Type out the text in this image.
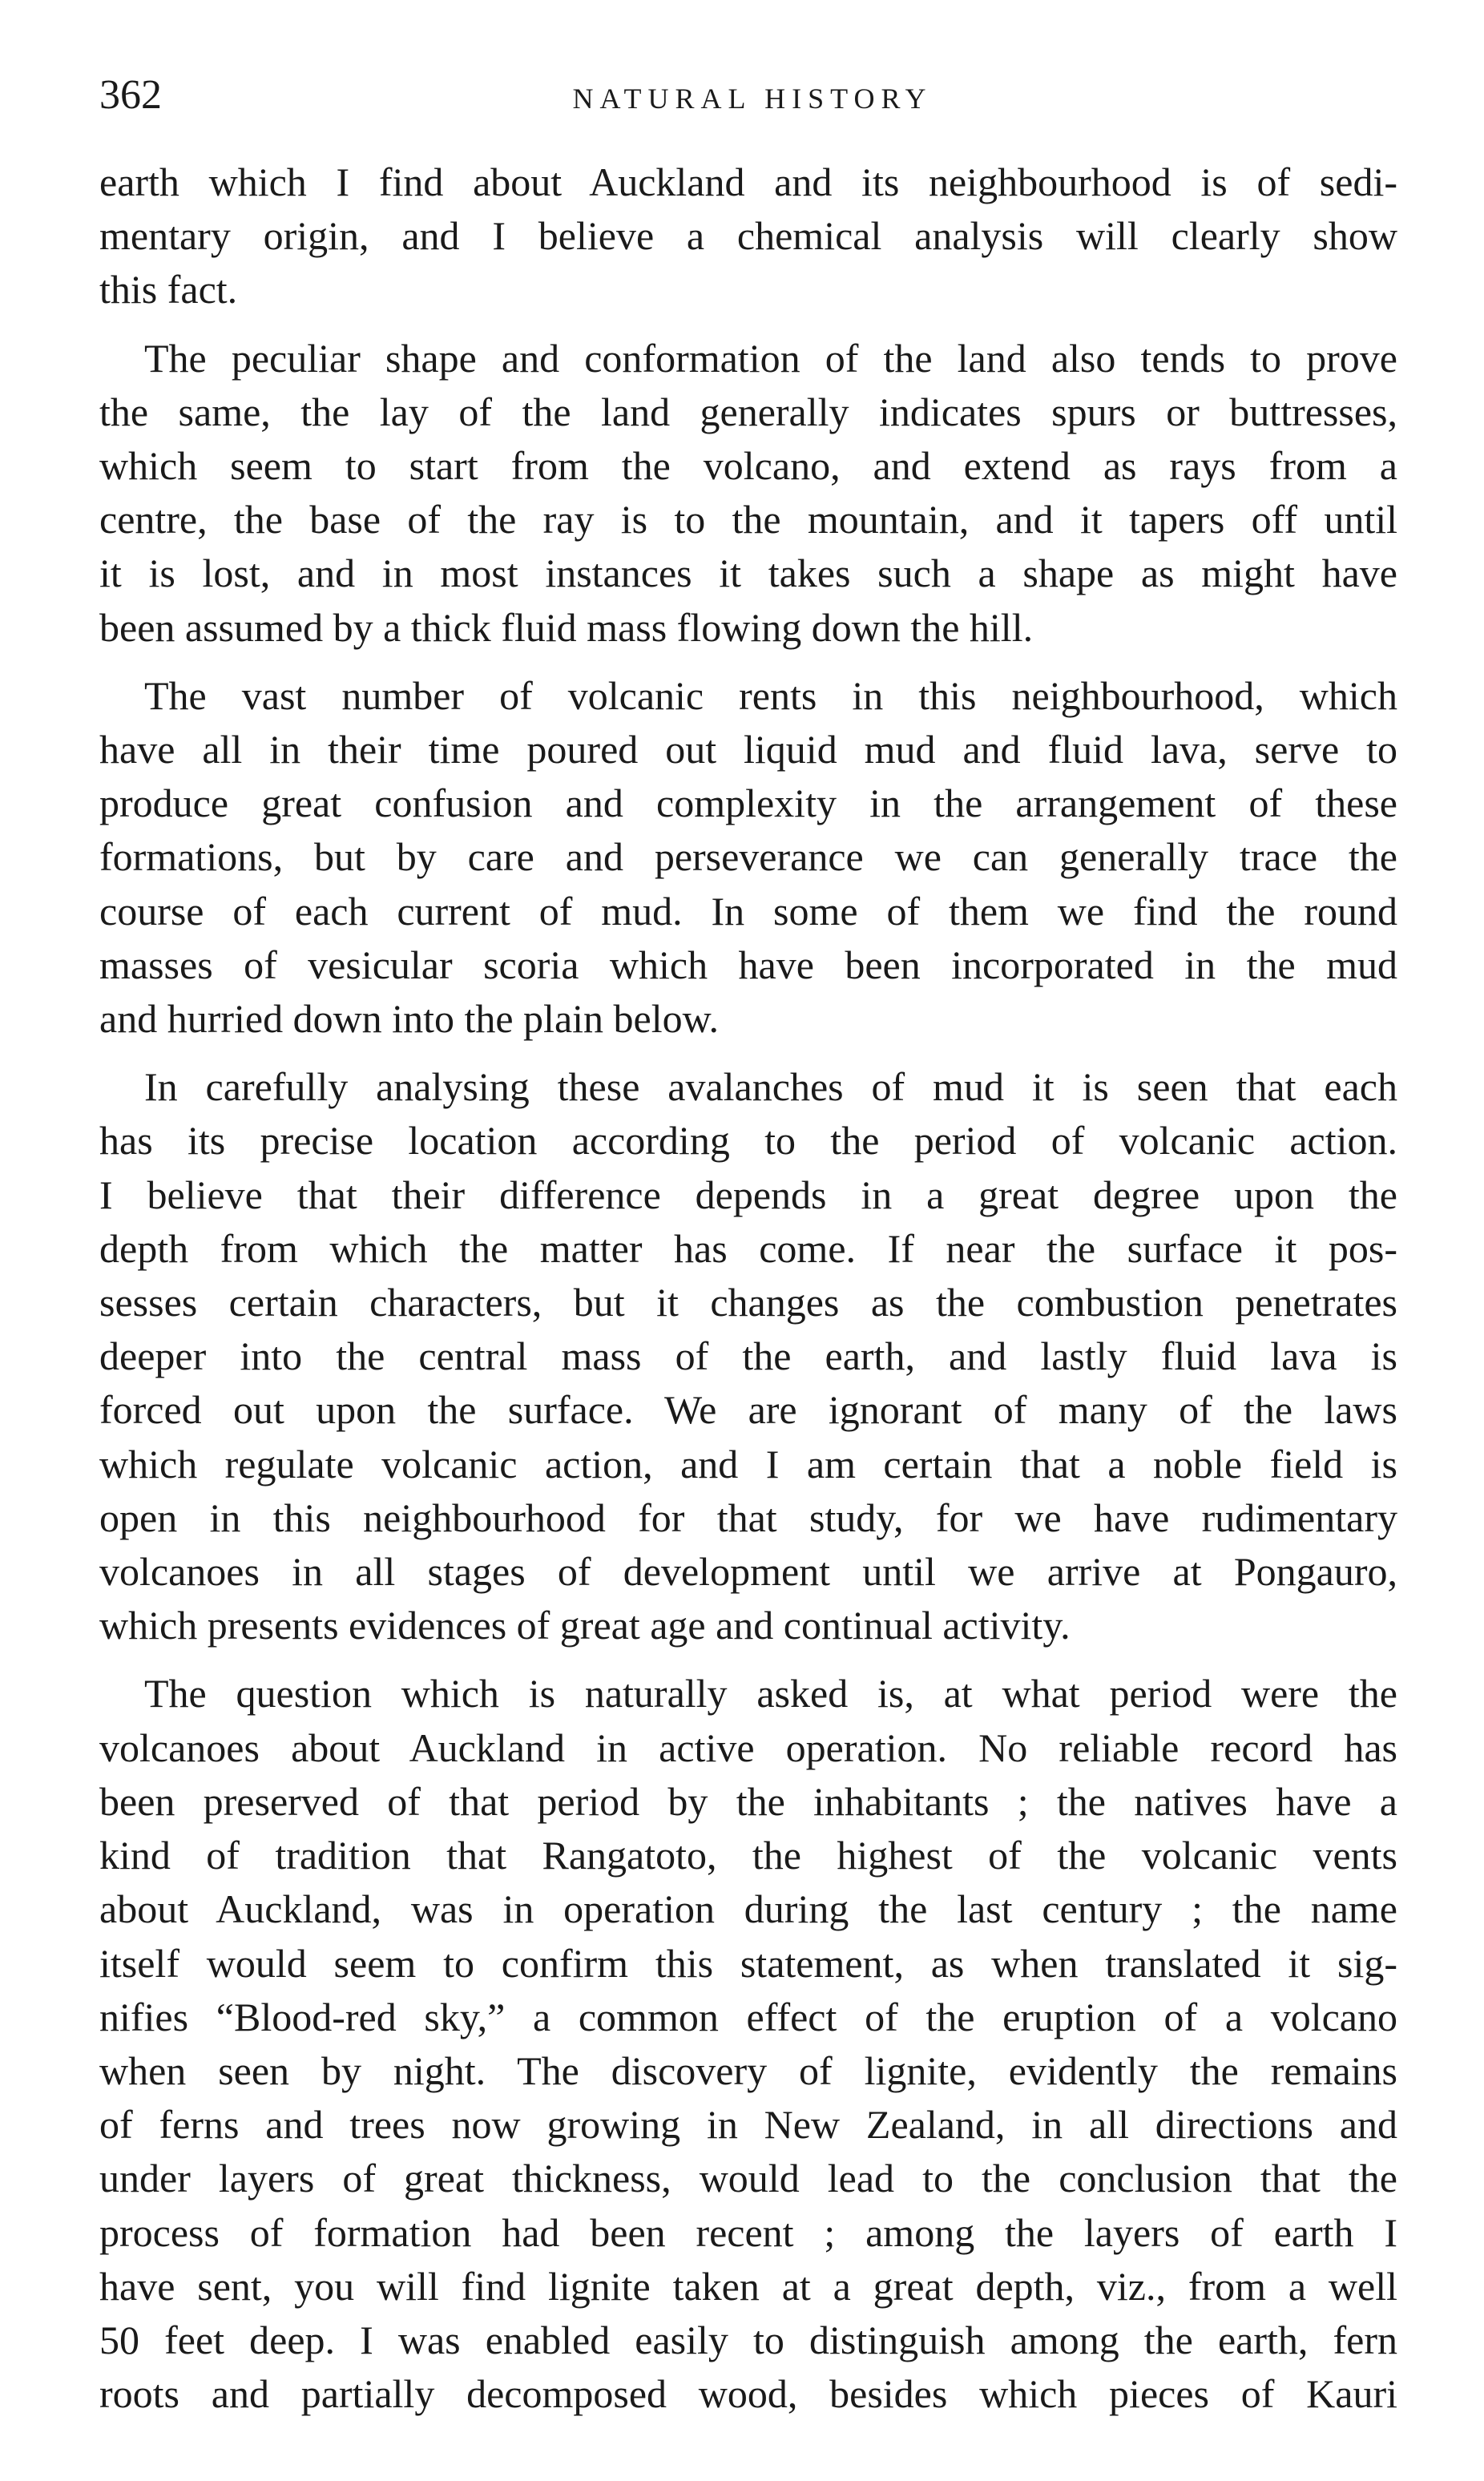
362	NATURAL HISTORY

earth which I find about Auckland and its neighbourhood is of sedi-
mentary origin, and I believe a chemical analysis will clearly show
this fact.

The peculiar shape and conformation of the land also tends to prove
the same, the lay of the land generally indicates spurs or buttresses,
which seem to start from the volcano, and extend as rays from a
centre, the base of the ray is to the mountain, and it tapers off until
it is lost, and in most instances it takes such a shape as might have
been assumed by a thick fluid mass flowing down the hill.

The vast number of volcanic rents in this neighbourhood, which
have all in their time poured out liquid mud and fluid lava, serve to
produce great confusion and complexity in the arrangement of these
formations, but by care and perseverance we can generally trace the
course of each current of mud. In some of them we find the round
masses of vesicular scoria which have been incorporated in the mud
and hurried down into the plain below.

In carefully analysing these avalanches of mud it is seen that each
has its precise location according to the period of volcanic action.
I believe that their difference depends in a great degree upon the
depth from which the matter has come. If near the surface it pos-
sesses certain characters, but it changes as the combustion penetrates
deeper into the central mass of the earth, and lastly fluid lava is
forced out upon the surface. We are ignorant of many of the laws
which regulate volcanic action, and I am certain that a noble field is
open in this neighbourhood for that study, for we have rudimentary
volcanoes in all stages of development until we arrive at Pongauro,
which presents evidences of great age and continual activity.

The question which is naturally asked is, at what period were the
volcanoes about Auckland in active operation. No reliable record has
been preserved of that period by the inhabitants ; the natives have a
kind of tradition that Rangatoto, the highest of the volcanic vents
about Auckland, was in operation during the last century ; the name
itself would seem to confirm this statement, as when translated it sig-
nifies “Blood-red sky,” a common effect of the eruption of a volcano
when seen by night. The discovery of lignite, evidently the remains
of ferns and trees now growing in New Zealand, in all directions and
under layers of great thickness, would lead to the conclusion that the
process of formation had been recent ; among the layers of earth I
have sent, you will find lignite taken at a great depth, viz., from a well
50 feet deep. I was enabled easily to distinguish among the earth, fern
roots and partially decomposed wood, besides which pieces of Kauri
